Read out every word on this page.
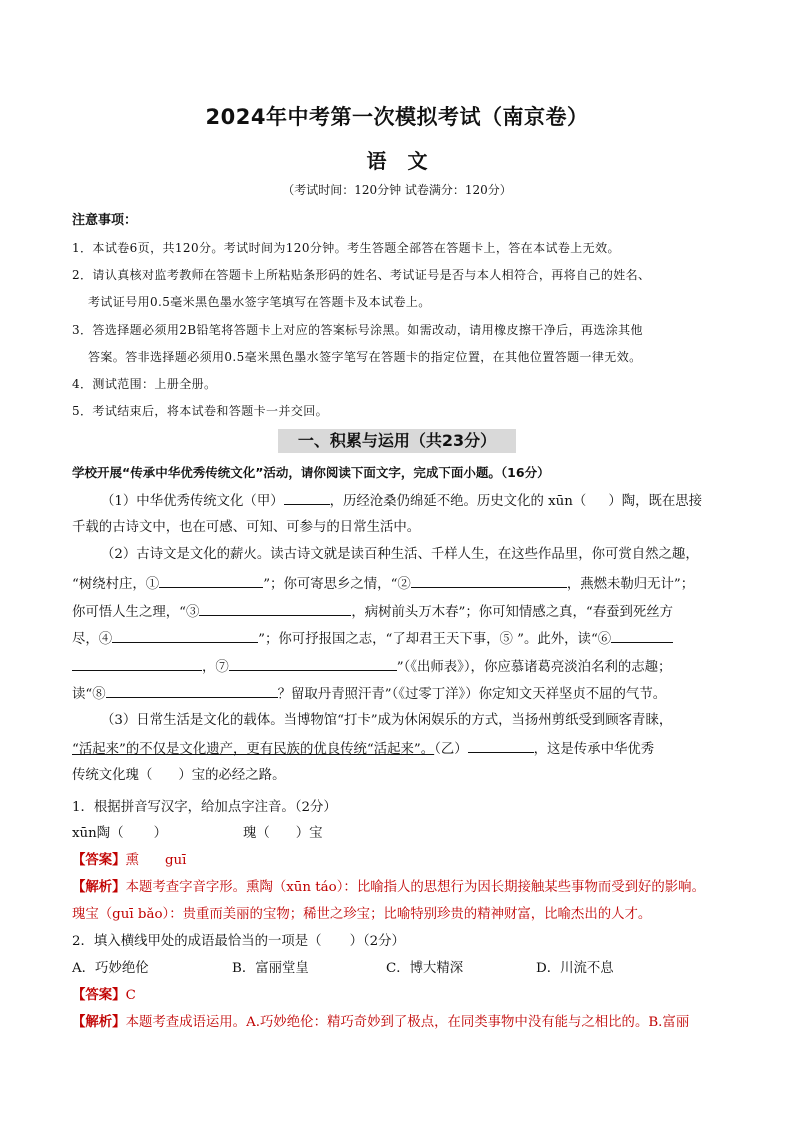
2024年中考第一次模拟考试（南京卷）
语 文
（考试时间：120分钟 试卷满分：120分）
注意事项：
1．本试卷6页，共120分。考试时间为120分钟。考生答题全部答在答题卡上，答在本试卷上无效。
2．请认真核对监考教师在答题卡上所粘贴条形码的姓名、考试证号是否与本人相符合，再将自己的姓名、
考试证号用0.5毫米黑色墨水签字笔填写在答题卡及本试卷上。
3．答选择题必须用2B铅笔将答题卡上对应的答案标号涂黑。如需改动，请用橡皮擦干净后，再选涂其他
答案。答非选择题必须用0.5毫米黑色墨水签字笔写在答题卡的指定位置，在其他位置答题一律无效。
4．测试范围：上册全册。
5．考试结束后，将本试卷和答题卡一并交回。
一、积累与运用（共23分）
学校开展“传承中华优秀传统文化”活动，请你阅读下面文字，完成下面小题。（16分）
（1）中华优秀传统文化（甲）	，历经沧桑仍绵延不绝。历史文化的 xūn（ ）陶，既在思接
千载的古诗文中，也在可感、可知、可参与的日常生活中。
（2）古诗文是文化的薪火。读古诗文就是读百种生活、千样人生，在这些作品里，你可赏自然之趣，
“树绕村庄，①	”；你可寄思乡之情，“②	，燕燃未勒归无计”；
你可悟人生之理，“③	，病树前头万木春”；你可知情感之真，“春蚕到死丝方
尽，④	”；你可抒报国之志，“了却君王天下事，⑤ ”。此外，读“⑥
，⑦	”（《出师表》），你应慕诸葛亮淡泊名利的志趣；
读“⑧	？留取丹青照汗青”（《过零丁洋》）你定知文天祥坚贞不屈的气节。
（3）日常生活是文化的载体。当博物馆“打卡”成为休闲娱乐的方式，当扬州剪纸受到顾客青睐，
“活起来”的不仅是文化遗产，更有民族的优良传统“活起来”。（乙）	，这是传承中华优秀
传统文化瑰（ ）宝的必经之路。
1．根据拼音写汉字，给加点字注音。（2分）
xūn陶（ ）	瑰（ ）宝
【答案】熏 guī
【解析】本题考查字音字形。熏陶（xūn táo）：比喻指人的思想行为因长期接触某些事物而受到好的影响。
瑰宝（guī bǎo）：贵重而美丽的宝物；稀世之珍宝；比喻特别珍贵的精神财富，比喻杰出的人才。
2．填入横线甲处的成语最恰当的一项是（ ）（2分）
A．巧妙绝伦	B．富丽堂皇	C．博大精深	D．川流不息
【答案】C
【解析】本题考查成语运用。A.巧妙绝伦：精巧奇妙到了极点，在同类事物中没有能与之相比的。B.富丽
